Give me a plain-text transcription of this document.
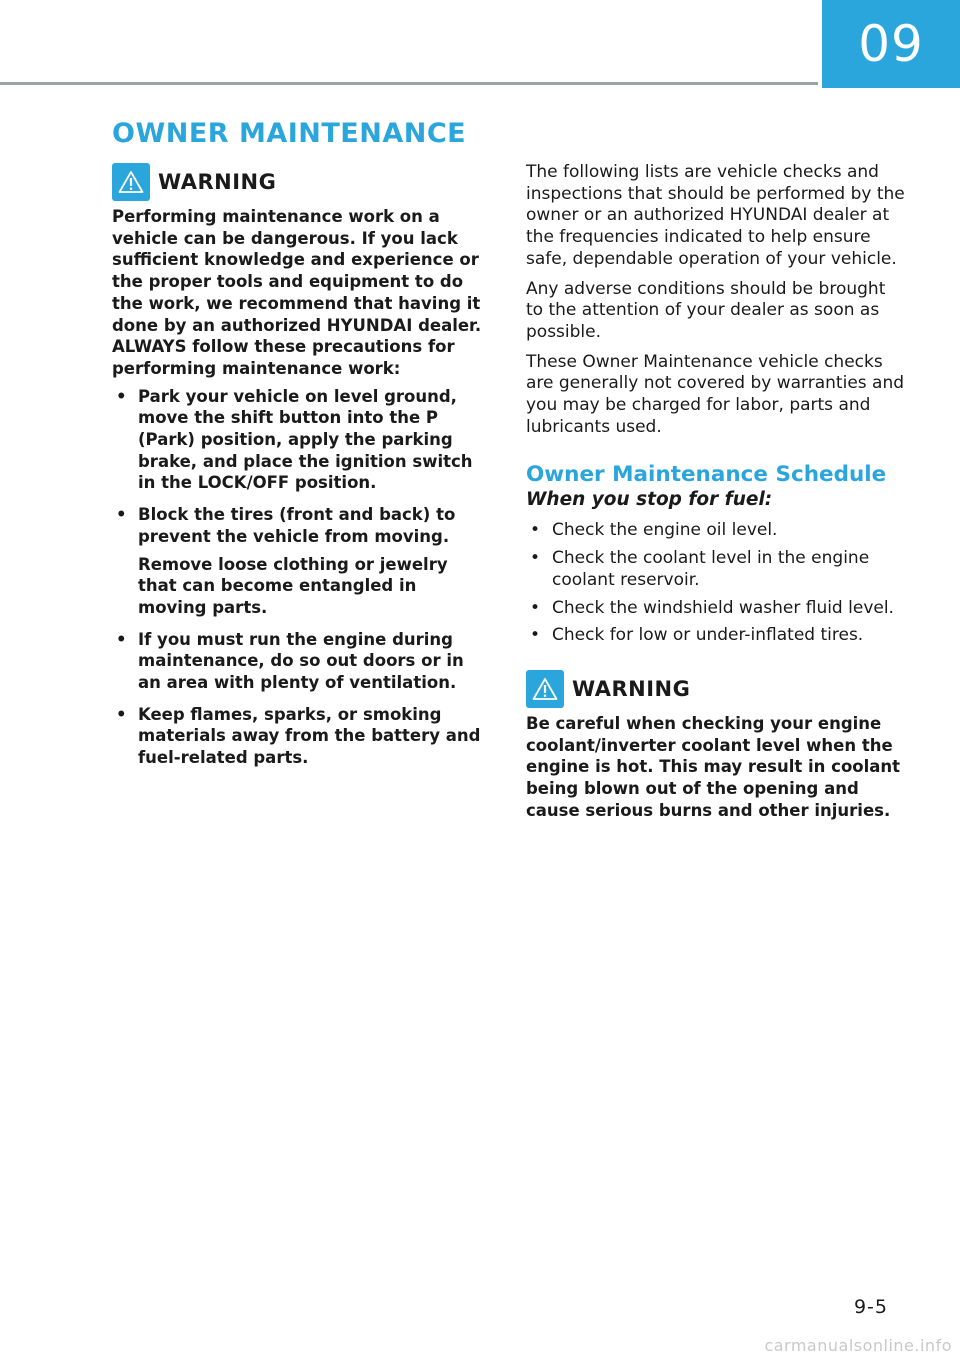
09
OWNER MAINTENANCE
WARNING

Performing maintenance work on a vehicle can be dangerous. If you lack sufficient knowledge and experience or the proper tools and equipment to do the work, we recommend that having it done by an authorized HYUNDAI dealer. ALWAYS follow these precautions for performing maintenance work:

• Park your vehicle on level ground, move the shift button into the P (Park) position, apply the parking brake, and place the ignition switch in the LOCK/OFF position.
• Block the tires (front and back) to prevent the vehicle from moving.
Remove loose clothing or jewelry that can become entangled in moving parts.
• If you must run the engine during maintenance, do so out doors or in an area with plenty of ventilation.
• Keep flames, sparks, or smoking materials away from the battery and fuel-related parts.

The following lists are vehicle checks and inspections that should be performed by the owner or an authorized HYUNDAI dealer at the frequencies indicated to help ensure safe, dependable operation of your vehicle.

Any adverse conditions should be brought to the attention of your dealer as soon as possible.

These Owner Maintenance vehicle checks are generally not covered by warranties and you may be charged for labor, parts and lubricants used.

Owner Maintenance Schedule
When you stop for fuel:
• Check the engine oil level.
• Check the coolant level in the engine coolant reservoir.
• Check the windshield washer fluid level.
• Check for low or under-inflated tires.
WARNING

Be careful when checking your engine coolant/inverter coolant level when the engine is hot. This may result in coolant being blown out of the opening and cause serious burns and other injuries.

9-5
carmanualsonline.info
